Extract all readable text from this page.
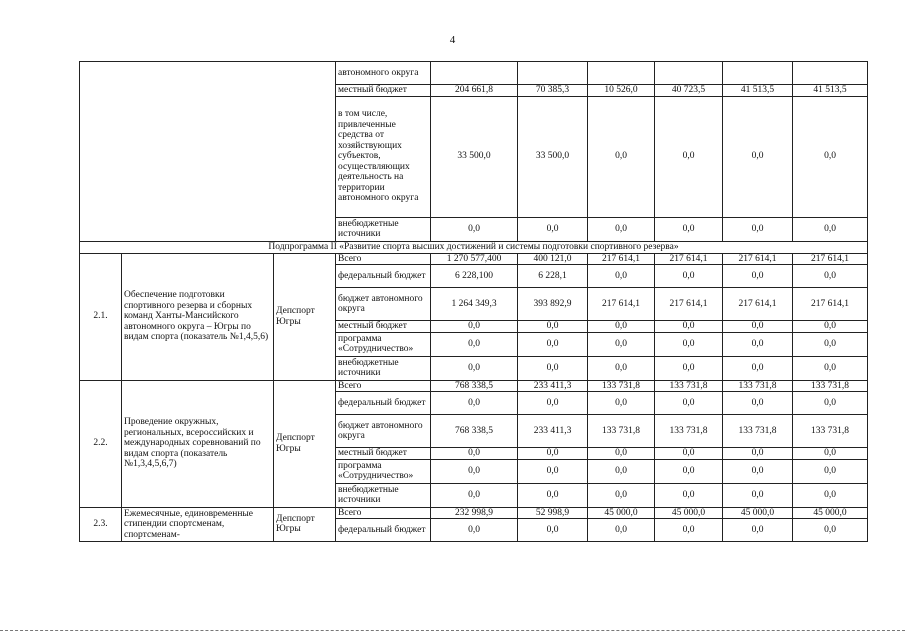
4
			автономного округа						
			местный бюджет	204 661,8	70 385,3	10 526,0	40 723,5	41 513,5	41 513,5
			в том числе, привлеченные средства от хозяйствующих субъектов, осуществляющих деятельность на территории автономного округа	33 500,0	33 500,0	0,0	0,0	0,0	0,0
			внебюджетные источники	0,0	0,0	0,0	0,0	0,0	0,0
Подпрограмма II «Развитие спорта высших достижений и системы подготовки спортивного резерва»									
2.1.	Обеспечение подготовки спортивного резерва и сборных команд Ханты-Мансийского автономного округа – Югры по видам спорта (показатель №1,4,5,6)	Депспорт Югры	Всего	1 270 577,400	400 121,0	217 614,1	217 614,1	217 614,1	217 614,1
			федеральный бюджет	6 228,100	6 228,1	0,0	0,0	0,0	0,0
			бюджет автономного округа	1 264 349,3	393 892,9	217 614,1	217 614,1	217 614,1	217 614,1
			местный бюджет	0,0	0,0	0,0	0,0	0,0	0,0
			программа «Сотрудничество»	0,0	0,0	0,0	0,0	0,0	0,0
			внебюджетные источники	0,0	0,0	0,0	0,0	0,0	0,0
2.2.	Проведение окружных, региональных, всероссийских и международных соревнований по видам спорта (показатель №1,3,4,5,6,7)	Депспорт Югры	Всего	768 338,5	233 411,3	133 731,8	133 731,8	133 731,8	133 731,8
			федеральный бюджет	0,0	0,0	0,0	0,0	0,0	0,0
			бюджет автономного округа	768 338,5	233 411,3	133 731,8	133 731,8	133 731,8	133 731,8
			местный бюджет	0,0	0,0	0,0	0,0	0,0	0,0
			программа «Сотрудничество»	0,0	0,0	0,0	0,0	0,0	0,0
			внебюджетные источники	0,0	0,0	0,0	0,0	0,0	0,0
2.3.	Ежемесячные, единовременные стипендии спортсменам, спортсменам-	Депспорт Югры	Всего	232 998,9	52 998,9	45 000,0	45 000,0	45 000,0	45 000,0
			федеральный бюджет	0,0	0,0	0,0	0,0	0,0	0,0
